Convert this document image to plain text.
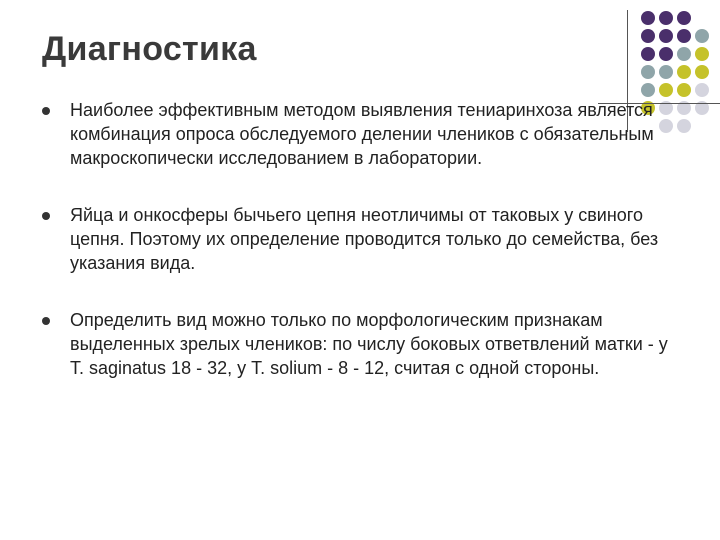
Диагностика
Наиболее эффективным методом выявления тениаринхоза является комбинация опроса обследуемого делении члеников с обязательным макроскопически исследованием в лаборатории.
Яйца и онкосферы бычьего цепня неотличимы от таковых у свиного цепня. Поэтому их определение проводится только до семейства, без указания вида.
Определить вид можно только по морфологическим признакам выделенных зрелых члеников: по числу боковых ответвлений матки - у T. saginatus 18 - 32, у T. solium - 8 - 12, считая с одной стороны.
